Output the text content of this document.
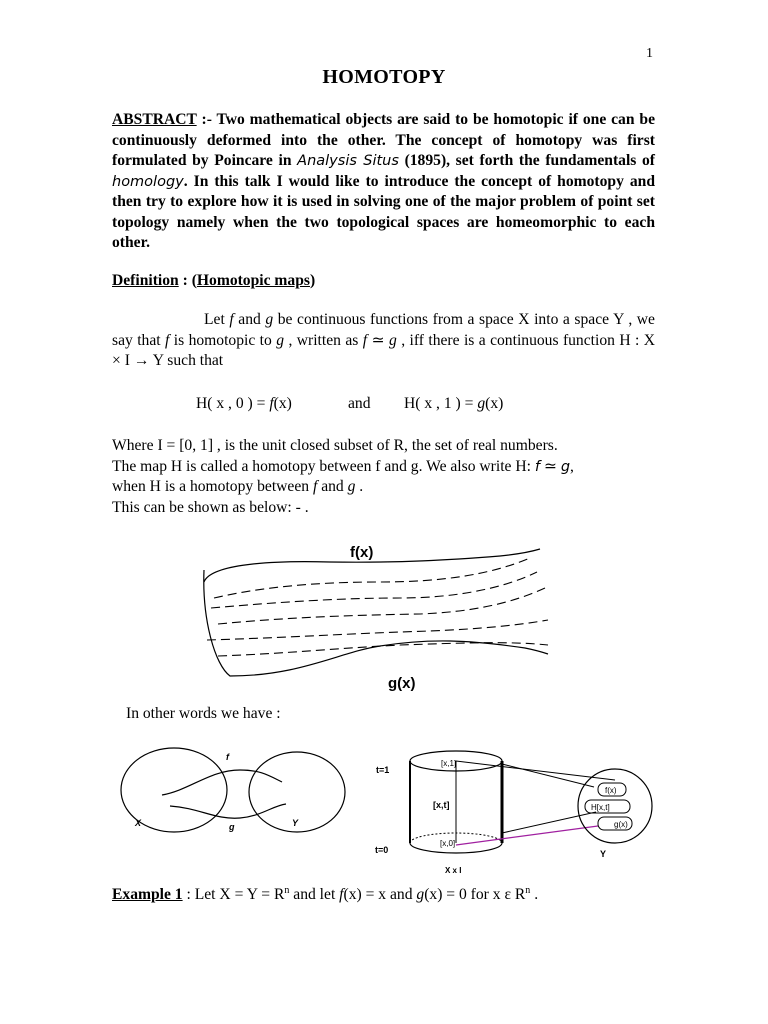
1
HOMOTOPY
ABSTRACT :- Two mathematical objects are said to be homotopic if one can be continuously deformed into the other. The concept of homotopy was first formulated by Poincare in Analysis Situs (1895), set forth the fundamentals of homology. In this talk I would like to introduce the concept of homotopy and then try to explore how it is used in solving one of the major problem of point set topology namely when the two topological spaces are homeomorphic to each other.
Definition : (Homotopic maps)
Let f and g be continuous functions from a space X into a space Y , we say that f is homotopic to g , written as f ≃ g , iff there is a continuous function H : X × I → Y such that
H( x , 0 ) = f(x)	and H( x , 1 ) = g(x)
Where I = [0, 1] , is the unit closed subset of R, the set of real numbers.
The map H is called a homotopy between f and g. We also write H: f ≃ g,
when H is a homotopy between f and g .
This can be shown as below: - .
f(x)
g(x)
In other words we have :
f
X	g	Y
t=1
t=0
[x,1]
[x,t]
[x,0]
X x I
f(x)
H[x,t]
g(x)
Y
Example 1 : Let $X = Y = R^n$ and let f(x) = x and g(x) = 0 for x ε $R^n$ .
